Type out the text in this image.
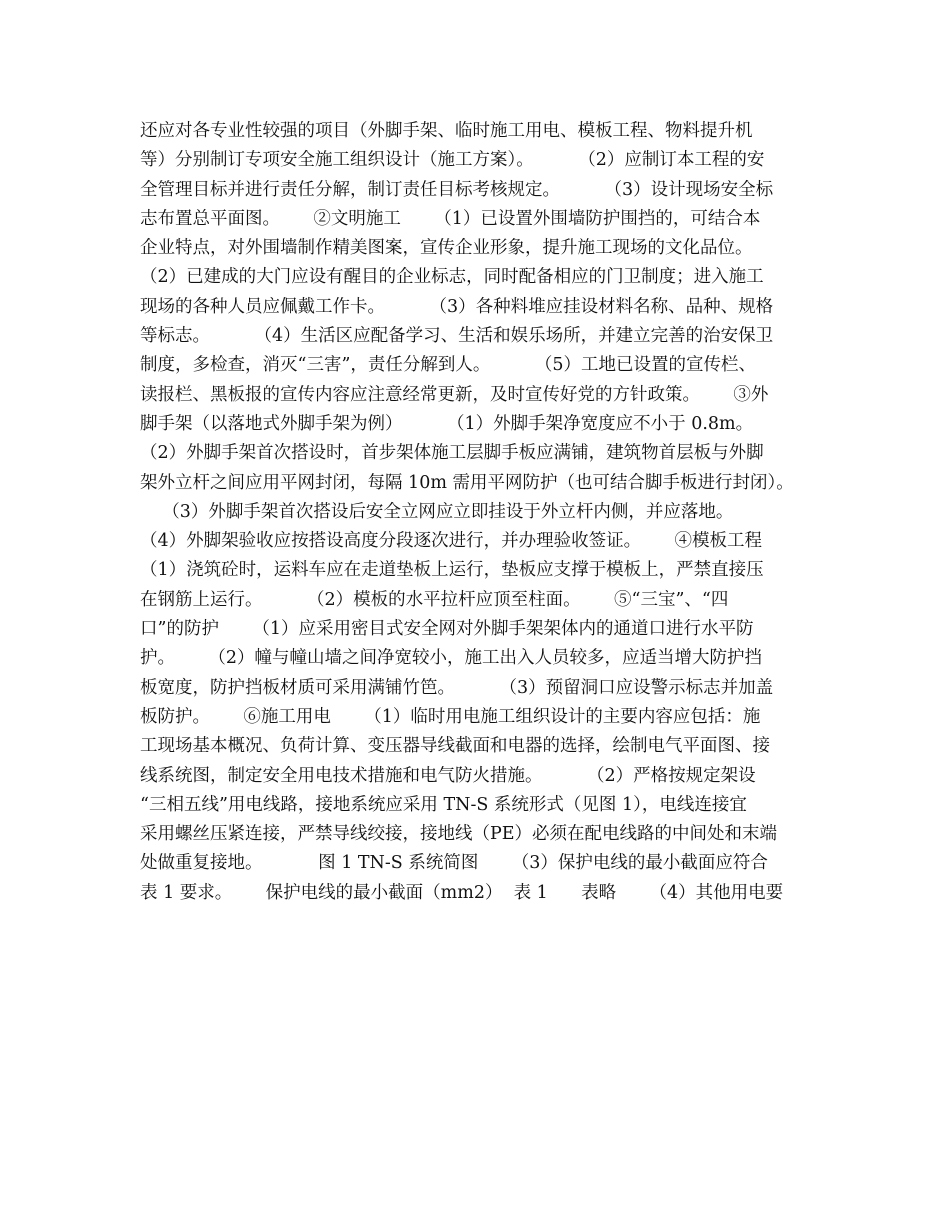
还应对各专业性较强的项目（外脚手架、临时施工用电、模板工程、物料提升机
等）分别制订专项安全施工组织设计（施工方案）。        （2）应制订本工程的安
全管理目标并进行责任分解，制订责任目标考核规定。        （3）设计现场安全标
志布置总平面图。      ②文明施工      （1）已设置外围墙防护围挡的，可结合本
企业特点，对外围墙制作精美图案，宣传企业形象，提升施工现场的文化品位。
（2）已建成的大门应设有醒目的企业标志，同时配备相应的门卫制度；进入施工
现场的各种人员应佩戴工作卡。        （3）各种料堆应挂设材料名称、品种、规格
等标志。        （4）生活区应配备学习、生活和娱乐场所，并建立完善的治安保卫
制度，多检查，消灭“三害”，责任分解到人。        （5）工地已设置的宣传栏、
读报栏、黑板报的宣传内容应注意经常更新，及时宣传好党的方针政策。      ③外
脚手架（以落地式外脚手架为例）        （1）外脚手架净宽度应不小于 0.8m。
（2）外脚手架首次搭设时，首步架体施工层脚手板应满铺，建筑物首层板与外脚
架外立杆之间应用平网封闭，每隔 10m 需用平网防护（也可结合脚手板进行封闭）。
（3）外脚手架首次搭设后安全立网应立即挂设于外立杆内侧，并应落地。
（4）外脚架验收应按搭设高度分段逐次进行，并办理验收签证。      ④模板工程
（1）浇筑砼时，运料车应在走道垫板上运行，垫板应支撑于模板上，严禁直接压
在钢筋上运行。        （2）模板的水平拉杆应顶至柱面。      ⑤“三宝”、“四
口”的防护      （1）应采用密目式安全网对外脚手架架体内的通道口进行水平防
护。      （2）幢与幢山墙之间净宽较小，施工出入人员较多，应适当增大防护挡
板宽度，防护挡板材质可采用满铺竹笆。        （3）预留洞口应设警示标志并加盖
板防护。      ⑥施工用电      （1）临时用电施工组织设计的主要内容应包括：施
工现场基本概况、负荷计算、变压器导线截面和电器的选择，绘制电气平面图、接
线系统图，制定安全用电技术措施和电气防火措施。        （2）严格按规定架设
“三相五线”用电线路，接地系统应采用 TN-S 系统形式（见图 1），电线连接宜
采用螺丝压紧连接，严禁导线绞接，接地线（PE）必须在配电线路的中间处和末端
处做重复接地。          图 1 TN-S 系统简图      （3）保护电线的最小截面应符合
表 1 要求。      保护电线的最小截面（mm2）  表 1      表略      （4）其他用电要
